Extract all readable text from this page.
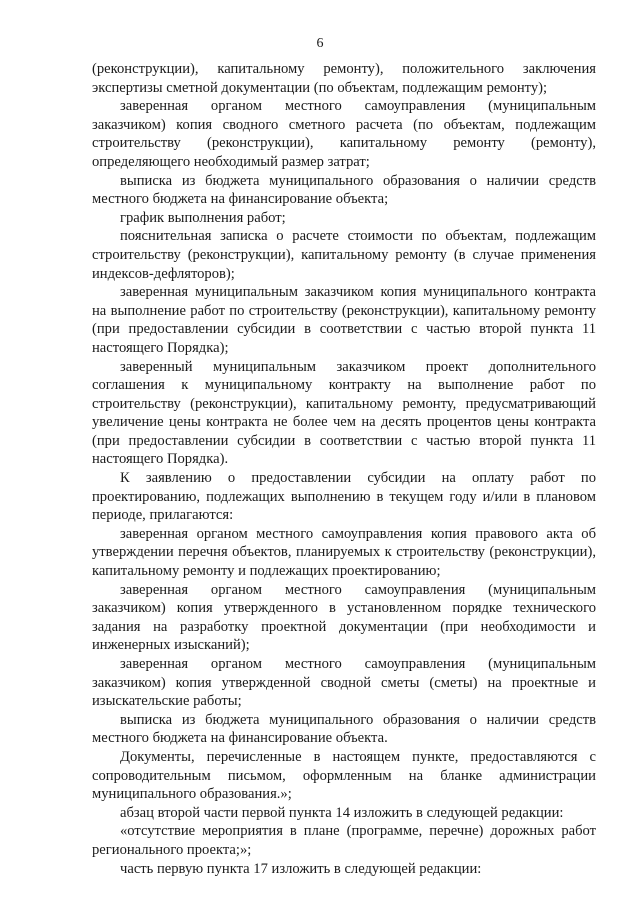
6

(реконструкции), капитальному ремонту), положительного заключения экспертизы сметной документации (по объектам, подлежащим ремонту);

заверенная органом местного самоуправления (муниципальным заказчиком) копия сводного сметного расчета (по объектам, подлежащим строительству (реконструкции), капитальному ремонту (ремонту), определяющего необходимый размер затрат;

выписка из бюджета муниципального образования о наличии средств местного бюджета на финансирование объекта;

график выполнения работ;

пояснительная записка о расчете стоимости по объектам, подлежащим строительству (реконструкции), капитальному ремонту (в случае применения индексов-дефляторов);

заверенная муниципальным заказчиком копия муниципального контракта на выполнение работ по строительству (реконструкции), капитальному ремонту (при предоставлении субсидии в соответствии с частью второй пункта 11 настоящего Порядка);

заверенный муниципальным заказчиком проект дополнительного соглашения к муниципальному контракту на выполнение работ по строительству (реконструкции), капитальному ремонту, предусматривающий увеличение цены контракта не более чем на десять процентов цены контракта (при предоставлении субсидии в соответствии с частью второй пункта 11 настоящего Порядка).

К заявлению о предоставлении субсидии на оплату работ по проектированию, подлежащих выполнению в текущем году и/или в плановом периоде, прилагаются:

заверенная органом местного самоуправления копия правового акта об утверждении перечня объектов, планируемых к строительству (реконструкции), капитальному ремонту и подлежащих проектированию;

заверенная органом местного самоуправления (муниципальным заказчиком) копия утвержденного в установленном порядке технического задания на разработку проектной документации (при необходимости и инженерных изысканий);

заверенная органом местного самоуправления (муниципальным заказчиком) копия утвержденной сводной сметы (сметы) на проектные и изыскательские работы;

выписка из бюджета муниципального образования о наличии средств местного бюджета на финансирование объекта.

Документы, перечисленные в настоящем пункте, предоставляются с сопроводительным письмом, оформленным на бланке администрации муниципального образования.»;

абзац второй части первой пункта 14 изложить в следующей редакции:

«отсутствие мероприятия в плане (программе, перечне) дорожных работ регионального проекта;»;

часть первую пункта 17 изложить в следующей редакции:
